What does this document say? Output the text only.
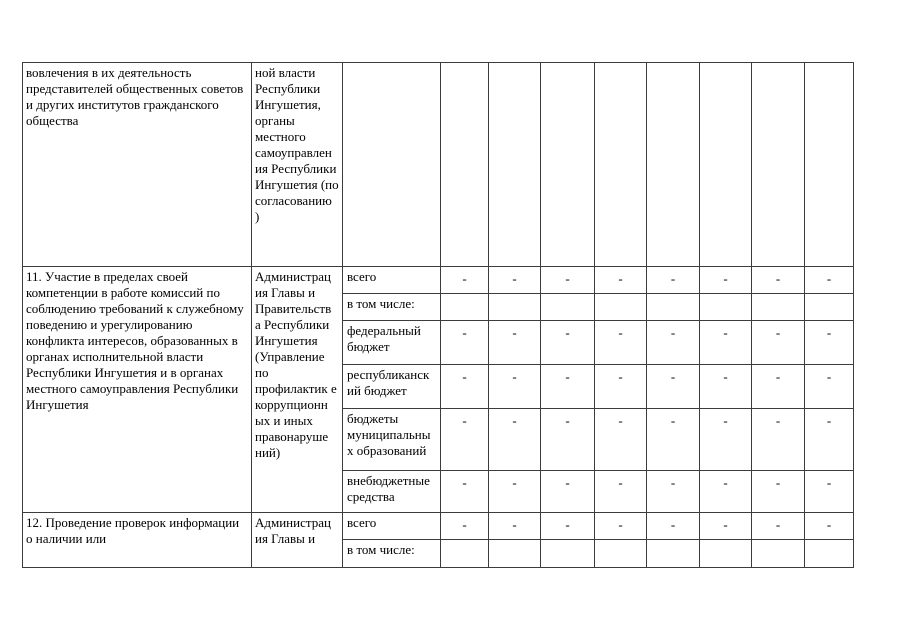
вовлечения в их деятельность представителей общественных советов и других институтов гражданского общества	ной власти Республики Ингушетия, органы местного самоуправлен ия Республики Ингушетия (по согласованию )									
11. Участие в пределах своей компетенции в работе комиссий по соблюдению требований к служебному поведению и урегулированию конфликта интересов, образованных в органах исполнительной власти Республики Ингушетия и в органах местного самоуправления Республики Ингушетия	Администрац ия Главы и Правительств а Республики Ингушетия (Управление по профилактик е коррупционн ых и иных правонаруше ний)	всего	-	-	-	-	-	-	-	-
		в том числе:								
		федеральный бюджет	-	-	-	-	-	-	-	-
		республиканск ий бюджет	-	-	-	-	-	-	-	-
		бюджеты муниципальны х образований	-	-	-	-	-	-	-	-
		внебюджетные средства	-	-	-	-	-	-	-	-
12. Проведение проверок информации о наличии или	Администрац ия Главы и	всего	-	-	-	-	-	-	-	-
		в том числе:								
